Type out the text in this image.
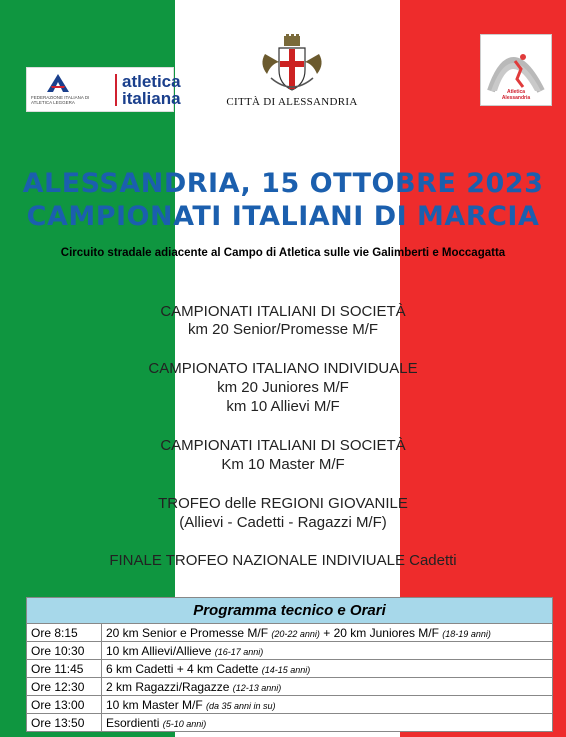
FEDERAZIONE ITALIANA DI ATLETICA LEGGERA
atletica
italiana	CITTÀ DI ALESSANDRIA
Atletica
Alessandria
ALESSANDRIA, 15 OTTOBRE 2023
CAMPIONATI ITALIANI DI MARCIA
Circuito stradale adiacente al Campo di Atletica sulle vie Galimberti e Moccagatta
CAMPIONATI ITALIANI DI SOCIETÀ
km 20 Senior/Promesse M/F
CAMPIONATO ITALIANO INDIVIDUALE
km 20 Juniores M/F
km 10 Allievi M/F
CAMPIONATI ITALIANI DI SOCIETÀ
Km 10 Master M/F
TROFEO delle REGIONI GIOVANILE
(Allievi - Cadetti - Ragazzi M/F)
FINALE TROFEO NAZIONALE INDIVIUALE Cadetti
Programma tecnico e Orari	
Ore 8:15	20 km Senior e Promesse M/F (20-22 anni) + 20 km Juniores M/F (18-19 anni)
Ore 10:30	10 km Allievi/Allieve (16-17 anni)
Ore 11:45	6 km Cadetti + 4 km Cadette (14-15 anni)
Ore 12:30	2 km Ragazzi/Ragazze (12-13 anni)
Ore 13:00	10 km Master M/F (da 35 anni in su)
Ore 13:50	Esordienti (5-10 anni)
